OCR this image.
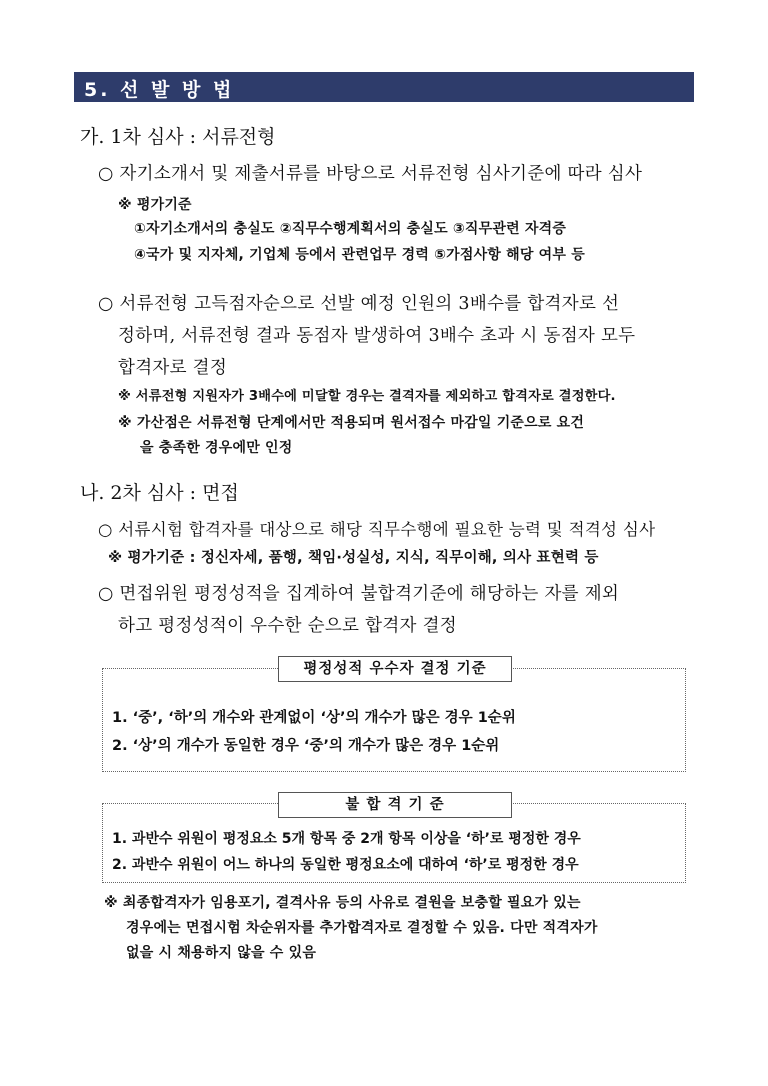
5. 선 발 방 법
가. 1차 심사 : 서류전형
○ 자기소개서 및 제출서류를 바탕으로 서류전형 심사기준에 따라 심사
※ 평가기준
①자기소개서의 충실도 ②직무수행계획서의 충실도 ③직무관련 자격증
④국가 및 지자체, 기업체 등에서 관련업무 경력 ⑤가점사항 해당 여부 등
○ 서류전형 고득점자순으로 선발 예정 인원의 3배수를 합격자로 선
정하며, 서류전형 결과 동점자 발생하여 3배수 초과 시 동점자 모두
합격자로 결정
※ 서류전형 지원자가 3배수에 미달할 경우는 결격자를 제외하고 합격자로 결정한다.
※ 가산점은 서류전형 단계에서만 적용되며 원서접수 마감일 기준으로 요건
을 충족한 경우에만 인정
나. 2차 심사 : 면접
○ 서류시험 합격자를 대상으로 해당 직무수행에 필요한 능력 및 적격성 심사
※ 평가기준 : 정신자세, 품행, 책임·성실성, 지식, 직무이해, 의사 표현력 등
○ 면접위원 평정성적을 집계하여 불합격기준에 해당하는 자를 제외
하고 평정성적이 우수한 순으로 합격자 결정
평정성적 우수자 결정 기준
1. ‘중’, ‘하’의 개수와 관계없이 ‘상’의 개수가 많은 경우 1순위
2. ‘상’의 개수가 동일한 경우 ‘중’의 개수가 많은 경우 1순위
불 합 격 기 준
1. 과반수 위원이 평정요소 5개 항목 중 2개 항목 이상을 ‘하’로 평정한 경우
2. 과반수 위원이 어느 하나의 동일한 평정요소에 대하여 ‘하’로 평정한 경우
※ 최종합격자가 임용포기, 결격사유 등의 사유로 결원을 보충할 필요가 있는
경우에는 면접시험 차순위자를 추가합격자로 결정할 수 있음. 다만 적격자가
없을 시 채용하지 않을 수 있음
